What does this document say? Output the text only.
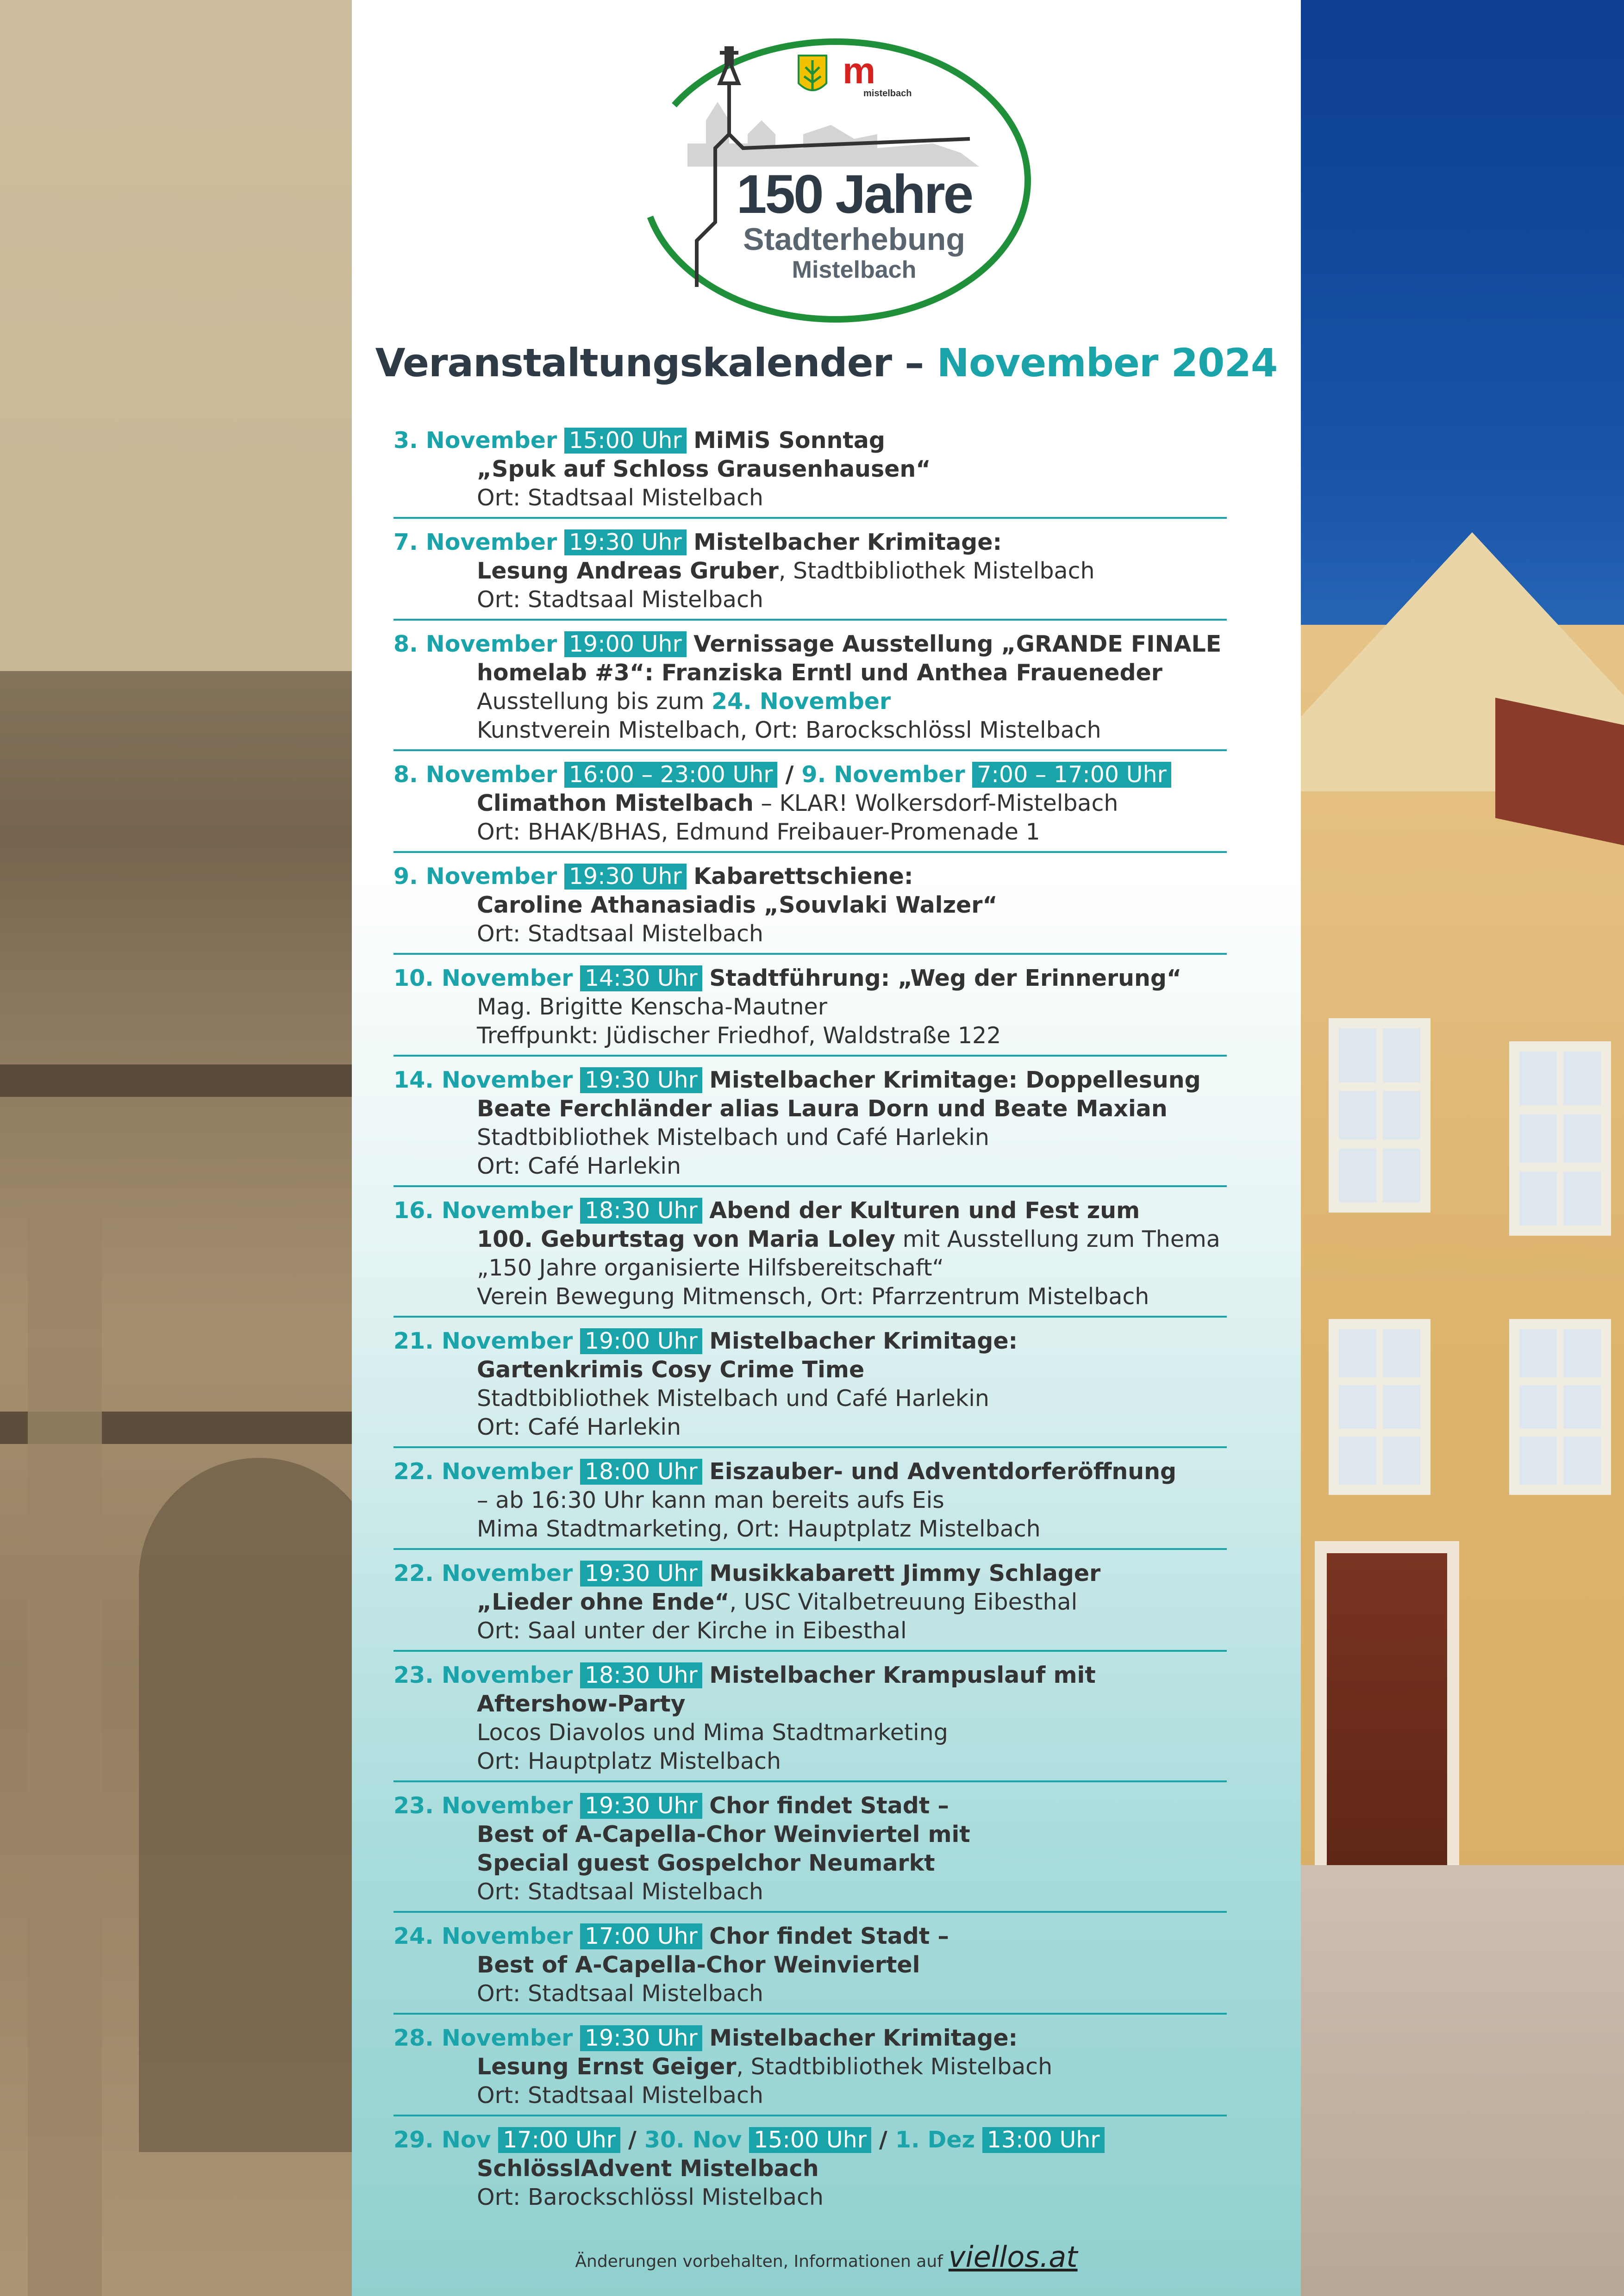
m
mistelbach
150 Jahre
Stadterhebung
Mistelbach
Veranstaltungskalender – November 2024
3. November 15:00 Uhr MiMiS Sonntag
„Spuk auf Schloss Grausenhausen“
Ort: Stadtsaal Mistelbach
7. November 19:30 Uhr Mistelbacher Krimitage:
Lesung Andreas Gruber, Stadtbibliothek Mistelbach
Ort: Stadtsaal Mistelbach
8. November 19:00 Uhr Vernissage Ausstellung „GRANDE FINALE
homelab #3“: Franziska Erntl und Anthea Fraueneder
Ausstellung bis zum 24. November
Kunstverein Mistelbach, Ort: Barockschlössl Mistelbach
8. November 16:00 – 23:00 Uhr / 9. November 7:00 – 17:00 Uhr
Climathon Mistelbach – KLAR! Wolkersdorf-Mistelbach
Ort: BHAK/BHAS, Edmund Freibauer-Promenade 1
9. November 19:30 Uhr Kabarettschiene:
Caroline Athanasiadis „Souvlaki Walzer“
Ort: Stadtsaal Mistelbach
10. November 14:30 Uhr Stadtführung: „Weg der Erinnerung“
Mag. Brigitte Kenscha-Mautner
Treffpunkt: Jüdischer Friedhof, Waldstraße 122
14. November 19:30 Uhr Mistelbacher Krimitage: Doppellesung
Beate Ferchländer alias Laura Dorn und Beate Maxian
Stadtbibliothek Mistelbach und Café Harlekin
Ort: Café Harlekin
16. November 18:30 Uhr Abend der Kulturen und Fest zum
100. Geburtstag von Maria Loley mit Ausstellung zum Thema
„150 Jahre organisierte Hilfsbereitschaft“
Verein Bewegung Mitmensch, Ort: Pfarrzentrum Mistelbach
21. November 19:00 Uhr Mistelbacher Krimitage:
Gartenkrimis Cosy Crime Time
Stadtbibliothek Mistelbach und Café Harlekin
Ort: Café Harlekin
22. November 18:00 Uhr Eiszauber- und Adventdorferöffnung
– ab 16:30 Uhr kann man bereits aufs Eis
Mima Stadtmarketing, Ort: Hauptplatz Mistelbach
22. November 19:30 Uhr Musikkabarett Jimmy Schlager
„Lieder ohne Ende“, USC Vitalbetreuung Eibesthal
Ort: Saal unter der Kirche in Eibesthal
23. November 18:30 Uhr Mistelbacher Krampuslauf mit
Aftershow-Party
Locos Diavolos und Mima Stadtmarketing
Ort: Hauptplatz Mistelbach
23. November 19:30 Uhr Chor findet Stadt –
Best of A-Capella-Chor Weinviertel mit
Special guest Gospelchor Neumarkt
Ort: Stadtsaal Mistelbach
24. November 17:00 Uhr Chor findet Stadt –
Best of A-Capella-Chor Weinviertel
Ort: Stadtsaal Mistelbach
28. November 19:30 Uhr Mistelbacher Krimitage:
Lesung Ernst Geiger, Stadtbibliothek Mistelbach
Ort: Stadtsaal Mistelbach
29. Nov 17:00 Uhr / 30. Nov 15:00 Uhr / 1. Dez 13:00 Uhr
SchlösslAdvent Mistelbach
Ort: Barockschlössl Mistelbach
Änderungen vorbehalten, Informationen auf viellos.at
